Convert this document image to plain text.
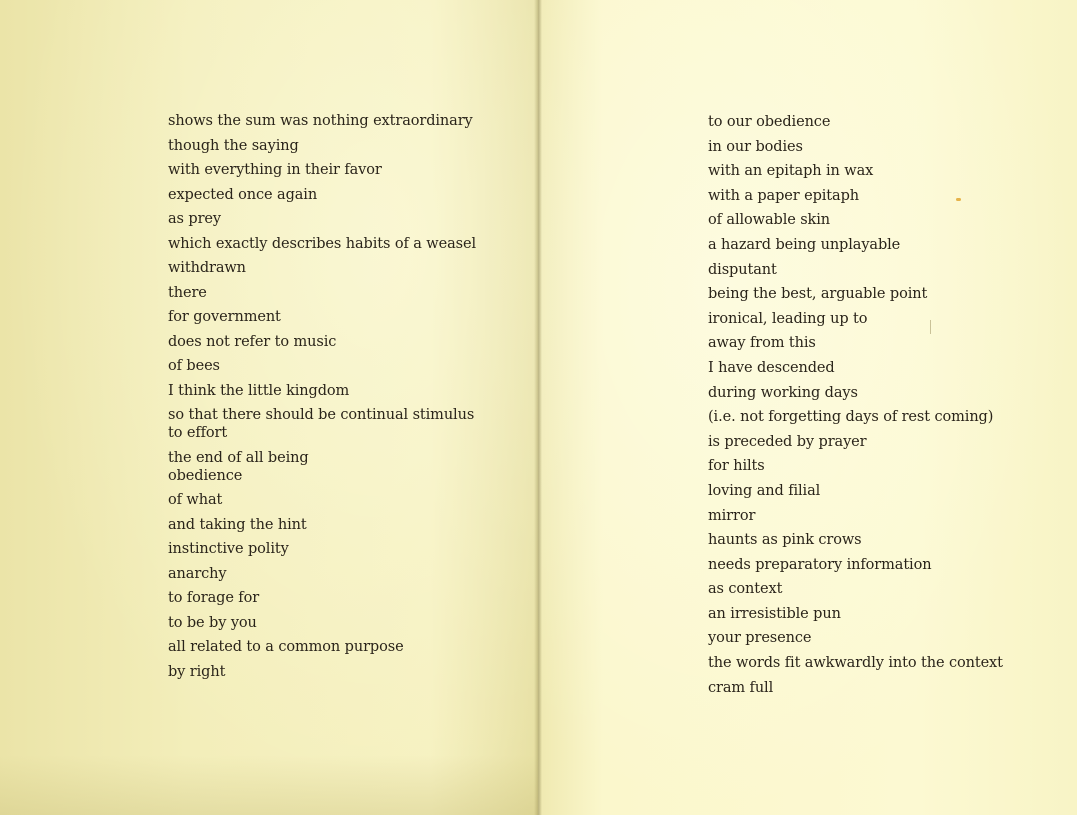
shows the sum was nothing extraordinary
though the saying
with everything in their favor
expected once again
as prey
which exactly describes habits of a weasel
withdrawn
there
for government
does not refer to music
of bees
I think the little kingdom
so that there should be continual stimulus
to effort
the end of all being
obedience
of what
and taking the hint
instinctive polity
anarchy
to forage for
to be by you
all related to a common purpose
by right
to our obedience
in our bodies
with an epitaph in wax
with a paper epitaph
of allowable skin
a hazard being unplayable
disputant
being the best, arguable point
ironical, leading up to
away from this
I have descended
during working days
(i.e. not forgetting days of rest coming)
is preceded by prayer
for hilts
loving and filial
mirror
haunts as pink crows
needs preparatory information
as context
an irresistible pun
your presence
the words fit awkwardly into the context
cram full
